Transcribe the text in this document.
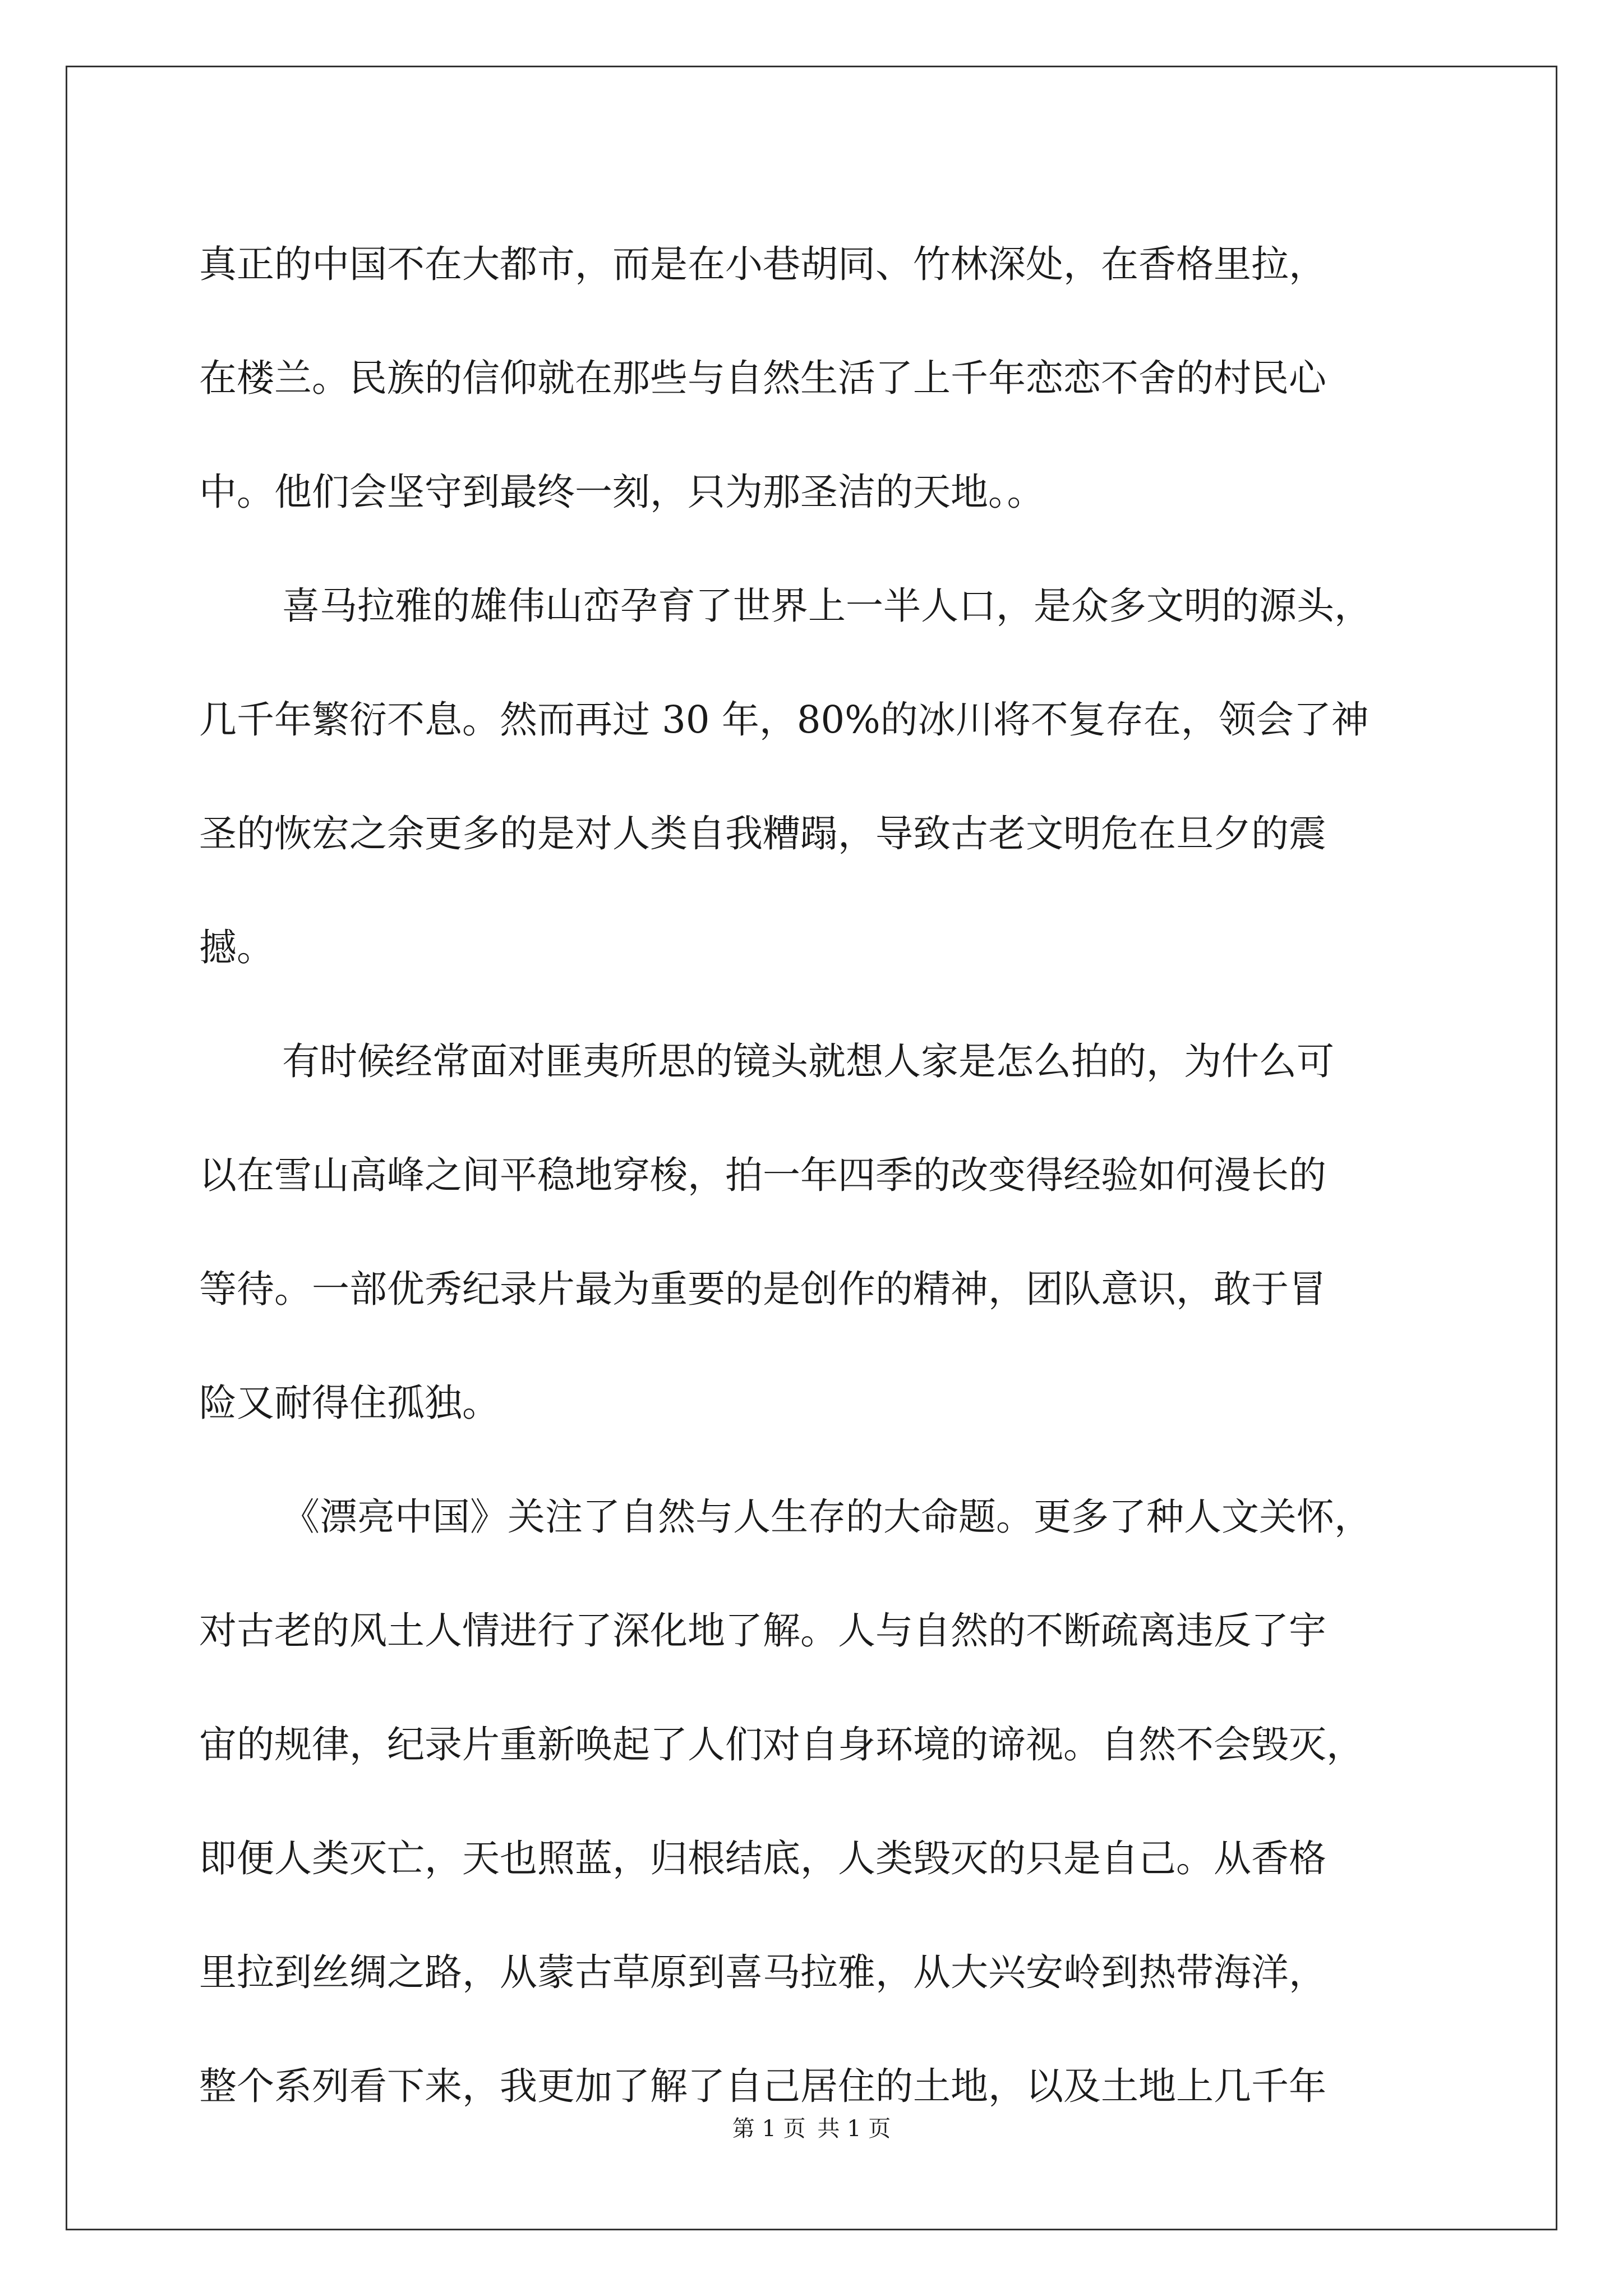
真正的中国不在大都市，而是在小巷胡同、竹林深处，在香格里拉，
在楼兰。民族的信仰就在那些与自然生活了上千年恋恋不舍的村民心
中。他们会坚守到最终一刻，只为那圣洁的天地。。
喜马拉雅的雄伟山峦孕育了世界上一半人口，是众多文明的源头，
几千年繁衍不息。然而再过 30 年，80%的冰川将不复存在，领会了神
圣的恢宏之余更多的是对人类自我糟蹋，导致古老文明危在旦夕的震
撼。
有时候经常面对匪夷所思的镜头就想人家是怎么拍的，为什么可
以在雪山高峰之间平稳地穿梭，拍一年四季的改变得经验如何漫长的
等待。一部优秀纪录片最为重要的是创作的精神，团队意识，敢于冒
险又耐得住孤独。
《漂亮中国》关注了自然与人生存的大命题。更多了种人文关怀，
对古老的风土人情进行了深化地了解。人与自然的不断疏离违反了宇
宙的规律，纪录片重新唤起了人们对自身环境的谛视。自然不会毁灭，
即便人类灭亡，天也照蓝，归根结底，人类毁灭的只是自己。从香格
里拉到丝绸之路，从蒙古草原到喜马拉雅，从大兴安岭到热带海洋，
整个系列看下来，我更加了解了自己居住的土地，以及土地上几千年
第 1 页 共 1 页
